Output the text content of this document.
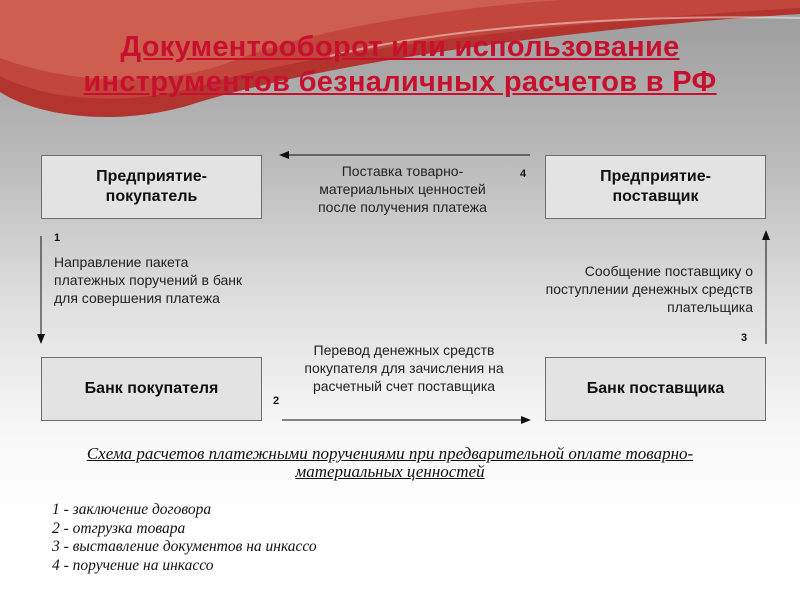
Документооборот или использование инструментов безналичных расчетов в РФ
Предприятие-покупатель
Предприятие-поставщик
Банк покупателя	Банк поставщика
Поставка товарно-материальных ценностей после получения платежа
4
1
Направление пакета платежных поручений в банк для совершения платежа
Сообщение поставщику о поступлении денежных средств плательщика
3
Перевод денежных средств покупателя для зачисления на расчетный счет поставщика
2
Схема расчетов платежными поручениями при предварительной оплате товарно-материальных ценностей
1 - заключение договора
2 - отгрузка товара
3 - выставление документов на инкассо
4 - поручение на инкассо
